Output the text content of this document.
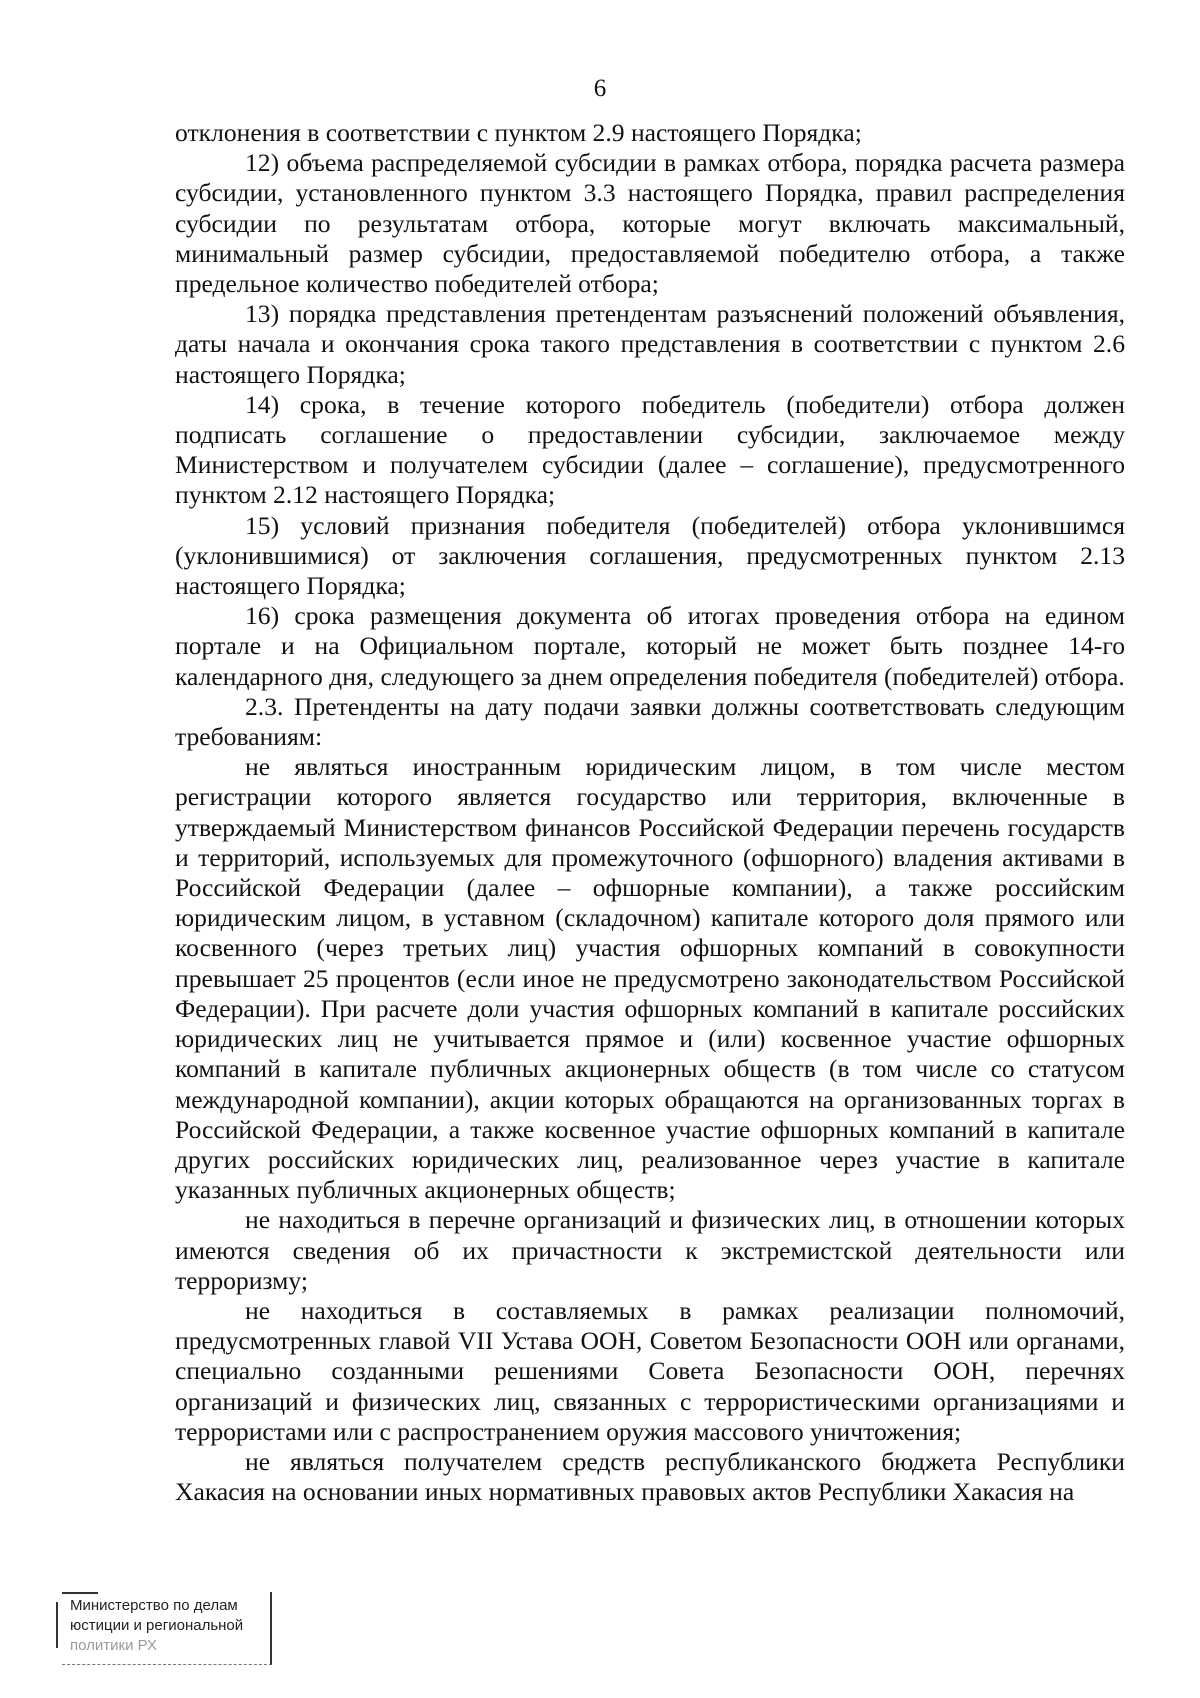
6

отклонения в соответствии с пунктом 2.9 настоящего Порядка;

12) объема распределяемой субсидии в рамках отбора, порядка расчета размера субсидии, установленного пунктом 3.3 настоящего Порядка, правил распределения субсидии по результатам отбора, которые могут включать максимальный, минимальный размер субсидии, предоставляемой победителю отбора, а также предельное количество победителей отбора;

13) порядка представления претендентам разъяснений положений объявления, даты начала и окончания срока такого представления в соответствии с пунктом 2.6 настоящего Порядка;

14) срока, в течение которого победитель (победители) отбора должен подписать соглашение о предоставлении субсидии, заключаемое между Министерством и получателем субсидии (далее – соглашение), предусмотренного пунктом 2.12 настоящего Порядка;

15) условий признания победителя (победителей) отбора уклонившимся (уклонившимися) от заключения соглашения, предусмотренных пунктом 2.13 настоящего Порядка;

16) срока размещения документа об итогах проведения отбора на едином портале и на Официальном портале, который не может быть позднее 14-го календарного дня, следующего за днем определения победителя (победителей) отбора.

2.3. Претенденты на дату подачи заявки должны соответствовать следующим требованиям:

не являться иностранным юридическим лицом, в том числе местом регистрации которого является государство или территория, включенные в утверждаемый Министерством финансов Российской Федерации перечень государств и территорий, используемых для промежуточного (офшорного) владения активами в Российской Федерации (далее – офшорные компании), а также российским юридическим лицом, в уставном (складочном) капитале которого доля прямого или косвенного (через третьих лиц) участия офшорных компаний в совокупности превышает 25 процентов (если иное не предусмотрено законодательством Российской Федерации). При расчете доли участия офшорных компаний в капитале российских юридических лиц не учитывается прямое и (или) косвенное участие офшорных компаний в капитале публичных акционерных обществ (в том числе со статусом международной компании), акции которых обращаются на организованных торгах в Российской Федерации, а также косвенное участие офшорных компаний в капитале других российских юридических лиц, реализованное через участие в капитале указанных публичных акционерных обществ;

не находиться в перечне организаций и физических лиц, в отношении которых имеются сведения об их причастности к экстремистской деятельности или терроризму;

не находиться в составляемых в рамках реализации полномочий, предусмотренных главой VII Устава ООН, Советом Безопасности ООН или органами, специально созданными решениями Совета Безопасности ООН, перечнях организаций и физических лиц, связанных с террористическими организациями и террористами или с распространением оружия массового уничтожения;

не являться получателем средств республиканского бюджета Республики Хакасия на основании иных нормативных правовых актов Республики Хакасия на

Министерство по делам
юстиции и региональной
политики РХ
